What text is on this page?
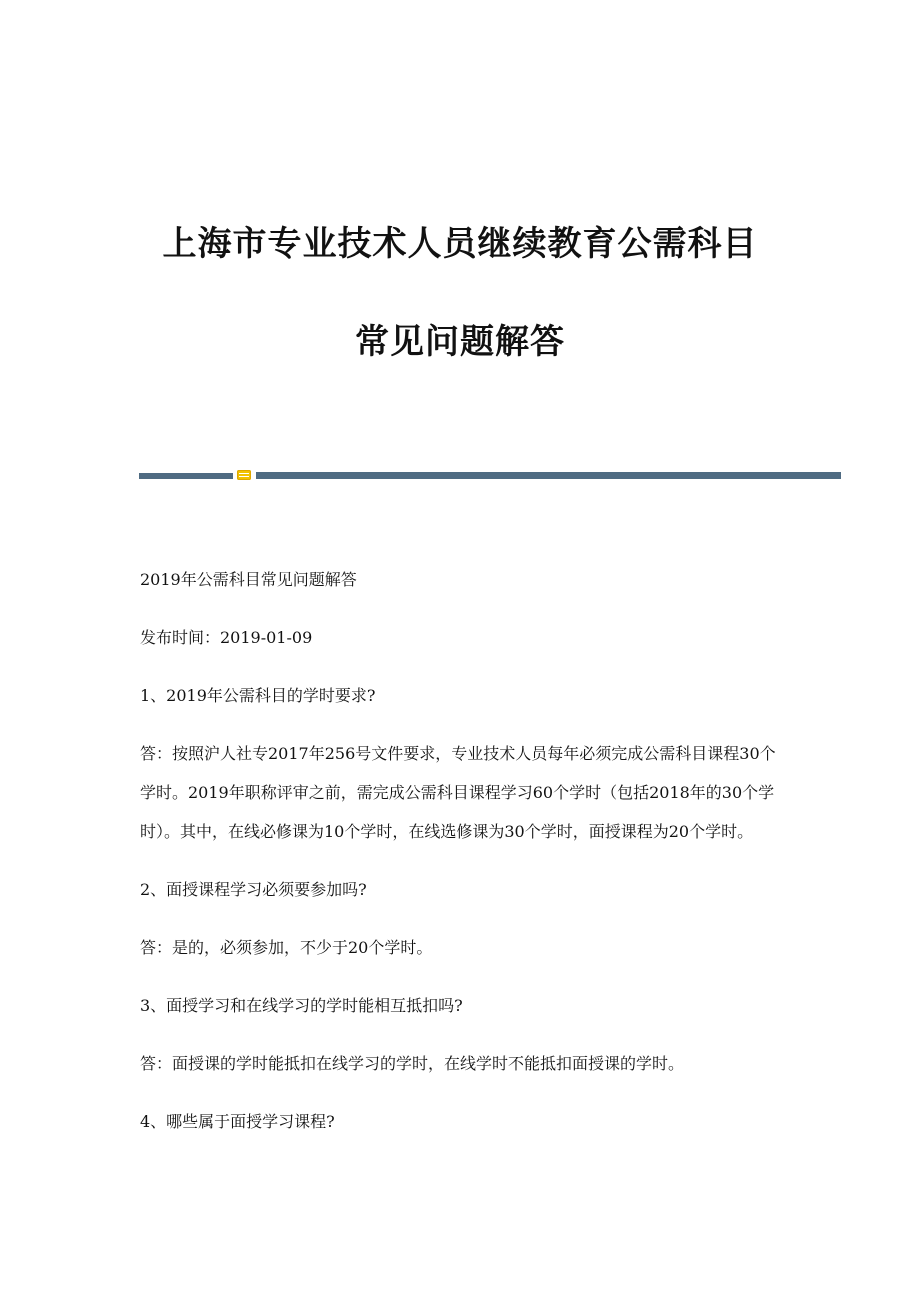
上海市专业技术人员继续教育公需科目
常见问题解答

2019年公需科目常见问题解答

发布时间：2019-01-09

1、2019年公需科目的学时要求?

答：按照沪人社专2017年256号文件要求，专业技术人员每年必须完成公需科目课程30个学时。2019年职称评审之前，需完成公需科目课程学习60个学时（包括2018年的30个学时）。其中，在线必修课为10个学时，在线选修课为30个学时，面授课程为20个学时。

2、面授课程学习必须要参加吗?

答：是的，必须参加，不少于20个学时。

3、面授学习和在线学习的学时能相互抵扣吗?

答：面授课的学时能抵扣在线学习的学时，在线学时不能抵扣面授课的学时。

4、哪些属于面授学习课程?
